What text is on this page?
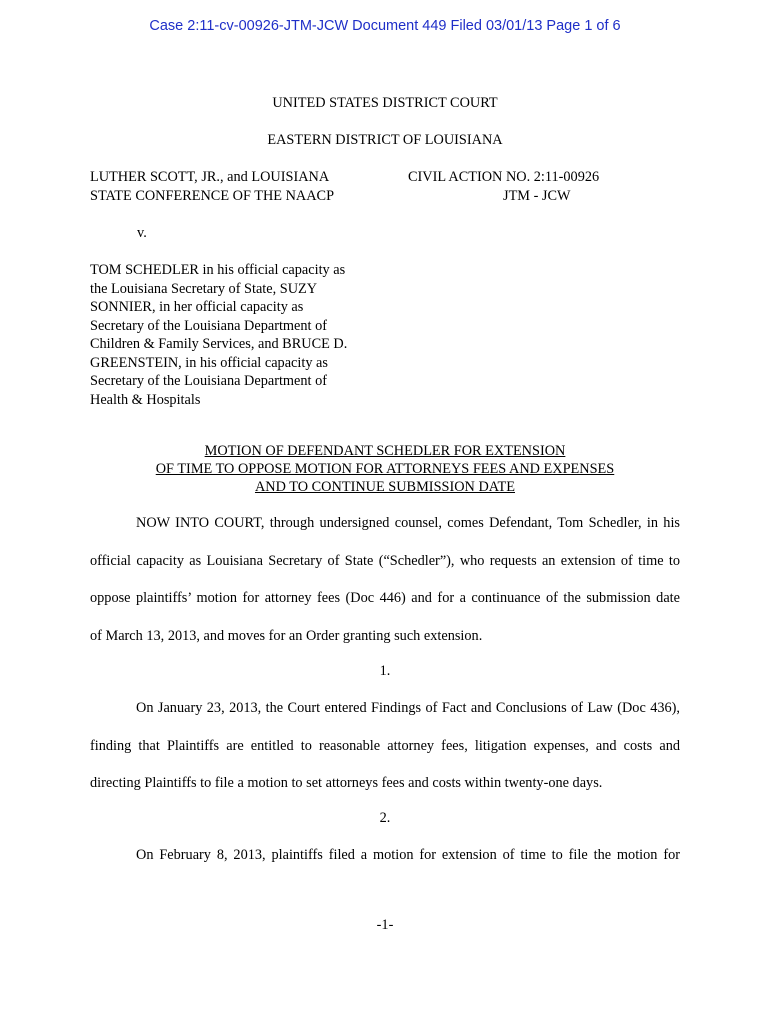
Case 2:11-cv-00926-JTM-JCW Document 449 Filed 03/01/13 Page 1 of 6
UNITED STATES DISTRICT COURT
EASTERN DISTRICT OF LOUISIANA
LUTHER SCOTT, JR., and LOUISIANA
STATE CONFERENCE OF THE NAACP
CIVIL ACTION NO. 2:11-00926
JTM - JCW
v.
TOM SCHEDLER in his official capacity as
the Louisiana Secretary of State, SUZY
SONNIER, in her official capacity as
Secretary of the Louisiana Department of
Children & Family Services, and BRUCE D.
GREENSTEIN, in his official capacity as
Secretary of the Louisiana Department of
Health & Hospitals
MOTION OF DEFENDANT SCHEDLER FOR EXTENSION
OF TIME TO OPPOSE MOTION FOR ATTORNEYS FEES AND EXPENSES
AND TO CONTINUE SUBMISSION DATE
NOW INTO COURT, through undersigned counsel, comes Defendant, Tom Schedler, in his
official capacity as Louisiana Secretary of State (“Schedler”), who requests an extension of time to
oppose plaintiffs’ motion for attorney fees (Doc 446) and for a continuance of the submission date
of March 13, 2013, and moves for an Order granting such extension.
1.
On January 23, 2013, the Court entered Findings of Fact and Conclusions of Law (Doc 436),
finding that Plaintiffs are entitled to reasonable attorney fees, litigation expenses, and costs and
directing Plaintiffs to file a motion to set attorneys fees and costs within twenty-one days.
2.
On February 8, 2013, plaintiffs filed a motion for extension of time to file the motion for
-1-
